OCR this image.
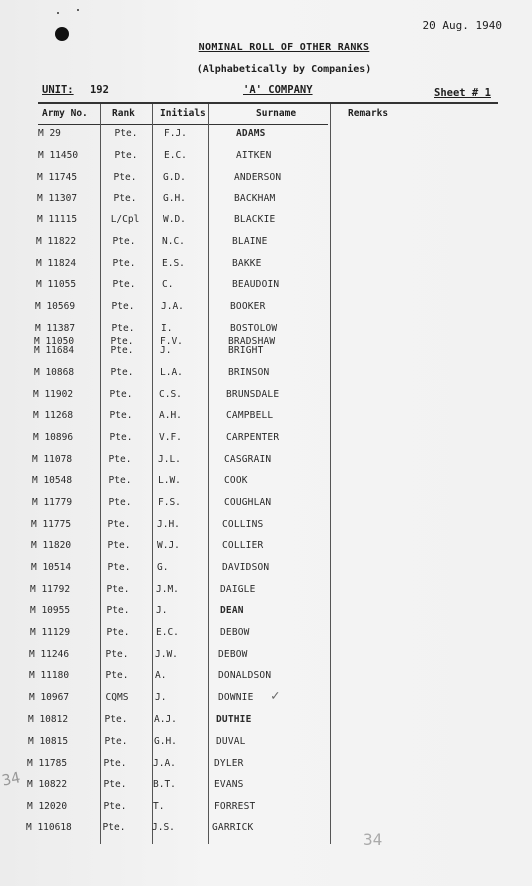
20 Aug. 1940
NOMINAL ROLL OF OTHER RANKS
(Alphabetically by Companies)
UNIT: 192	'A' COMPANY	Sheet # 1
Army No.	Rank	Initials	Surname	Remarks
M 29	Pte.	F.J.	ADAMS
M 11450	Pte.	E.C.	AITKEN
M 11745	Pte.	G.D.	ANDERSON
M 11307	Pte.	G.H.	BACKHAM
M 11115	L/Cpl	W.D.	BLACKIE
M 11822	Pte.	N.C.	BLAINE
M 11824	Pte.	E.S.	BAKKE
M 11055	Pte.	C.	BEAUDOIN
M 10569	Pte.	J.A.	BOOKER
M 11387	Pte.	I.	BOSTOLOW
M 11050	Pte.	F.V.	BRADSHAW
M 11684	Pte.	J.	BRIGHT
M 10868	Pte.	L.A.	BRINSON
M 11902	Pte.	C.S.	BRUNSDALE
M 11268	Pte.	A.H.	CAMPBELL
M 10896	Pte.	V.F.	CARPENTER
M 11078	Pte.	J.L.	CASGRAIN
M 10548	Pte.	L.W.	COOK
M 11779	Pte.	F.S.	COUGHLAN
M 11775	Pte.	J.H.	COLLINS
M 11820	Pte.	W.J.	COLLIER
M 10514	Pte.	G.	DAVIDSON
M 11792	Pte.	J.M.	DAIGLE
M 10955	Pte.	J.	DEAN
M 11129	Pte.	E.C.	DEBOW
M 11246	Pte.	J.W.	DEBOW
M 11180	Pte.	A.	DONALDSON
M 10967	CQMS	J.	DOWNIE
M 10812	Pte.	A.J.	DUTHIE
M 10815	Pte.	G.H.	DUVAL
M 11785	Pte.	J.A.	DYLER
M 10822	Pte.	B.T.	EVANS
M 12020	Pte.	T.	FORREST
M 110618	Pte.	J.S.	GARRICK
✓
34
34
